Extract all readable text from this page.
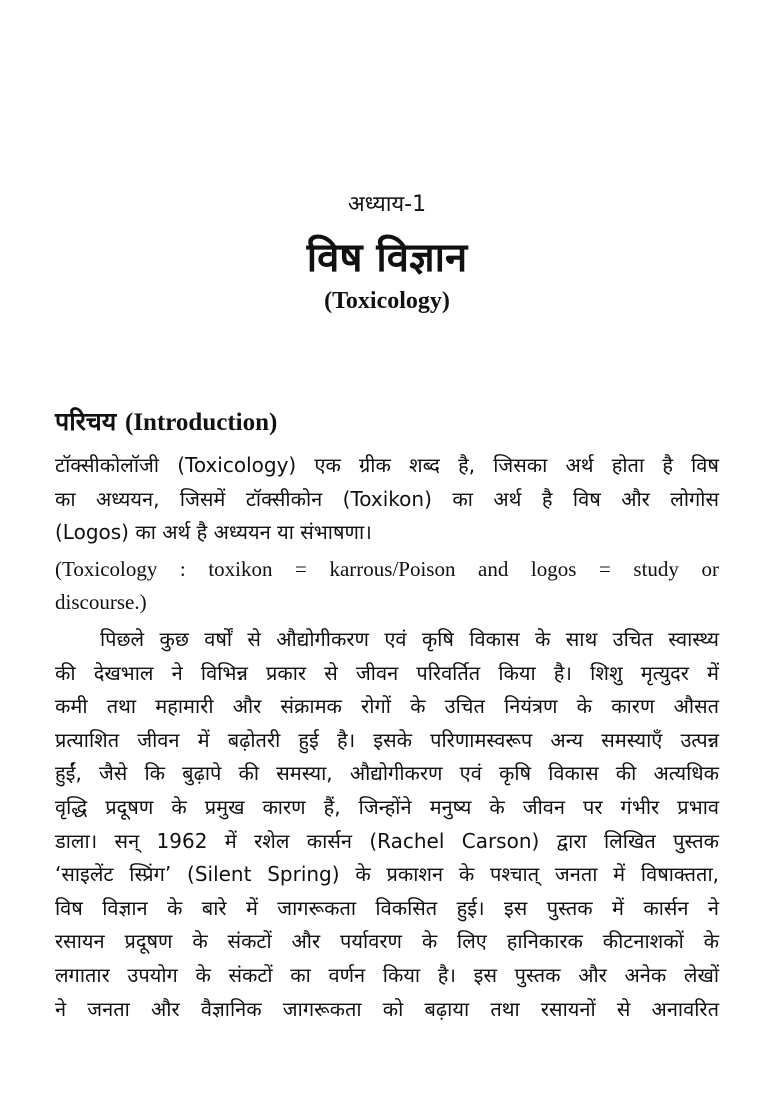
अध्याय-1
विष विज्ञान
(Toxicology)
परिचय (Introduction)
टॉक्सीकोलॉजी (Toxicology) एक ग्रीक शब्द है, जिसका अर्थ होता है विष
का अध्ययन, जिसमें टॉक्सीकोन (Toxikon) का अर्थ है विष और लोगोस
(Logos) का अर्थ है अध्ययन या संभाषणा।
(Toxicology : toxikon = karrous/Poison and logos = study or
discourse.)
पिछले कुछ वर्षों से औद्योगीकरण एवं कृषि विकास के साथ उचित स्वास्थ्य
की देखभाल ने विभिन्न प्रकार से जीवन परिवर्तित किया है। शिशु मृत्युदर में
कमी तथा महामारी और संक्रामक रोगों के उचित नियंत्रण के कारण औसत
प्रत्याशित जीवन में बढ़ोतरी हुई है। इसके परिणामस्वरूप अन्य समस्याएँ उत्पन्न
हुईं, जैसे कि बुढ़ापे की समस्या, औद्योगीकरण एवं कृषि विकास की अत्यधिक
वृद्धि प्रदूषण के प्रमुख कारण हैं, जिन्होंने मनुष्य के जीवन पर गंभीर प्रभाव
डाला। सन् 1962 में रशेल कार्सन (Rachel Carson) द्वारा लिखित पुस्तक
‘साइलेंट स्प्रिंग’ (Silent Spring) के प्रकाशन के पश्चात् जनता में विषाक्तता,
विष विज्ञान के बारे में जागरूकता विकसित हुई। इस पुस्तक में कार्सन ने
रसायन प्रदूषण के संकटों और पर्यावरण के लिए हानिकारक कीटनाशकों के
लगातार उपयोग के संकटों का वर्णन किया है। इस पुस्तक और अनेक लेखों
ने जनता और वैज्ञानिक जागरूकता को बढ़ाया तथा रसायनों से अनावरित
